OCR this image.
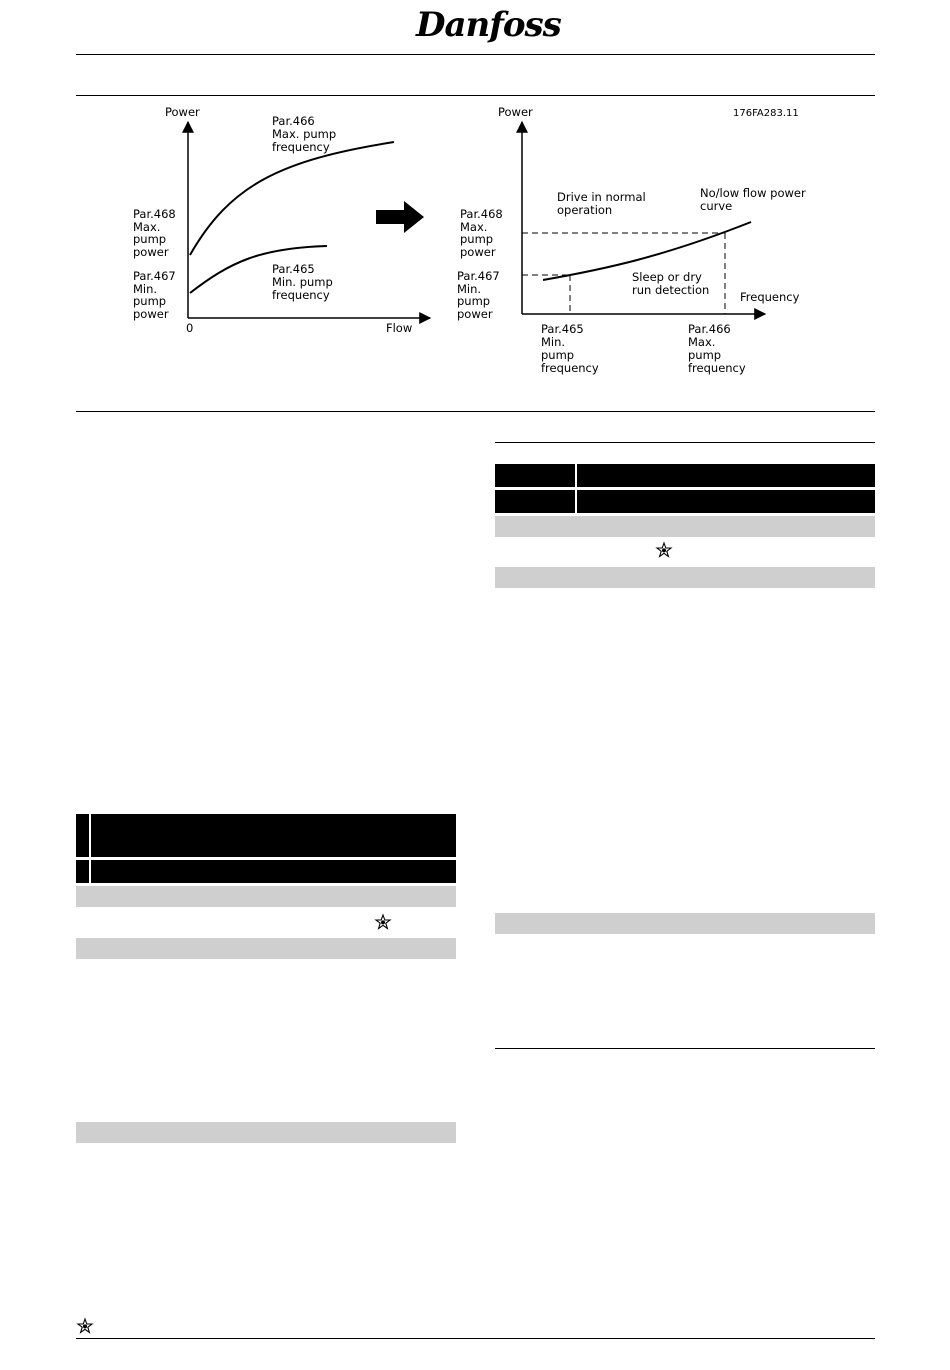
Danfoss
Power
Flow
0
Par.466
Max. pump
frequency
Par.465
Min. pump
frequency
Par.468
Max.
pump
power
Par.467
Min.
pump
power
176FA283.11
Power
Frequency
Drive in normal
operation
No/low flow power
curve
Sleep or dry
run detection
Par.468
Max.
pump
power
Par.467
Min.
pump
power
Par.465
Min.
pump
frequency
Par.466
Max.
pump
frequency
